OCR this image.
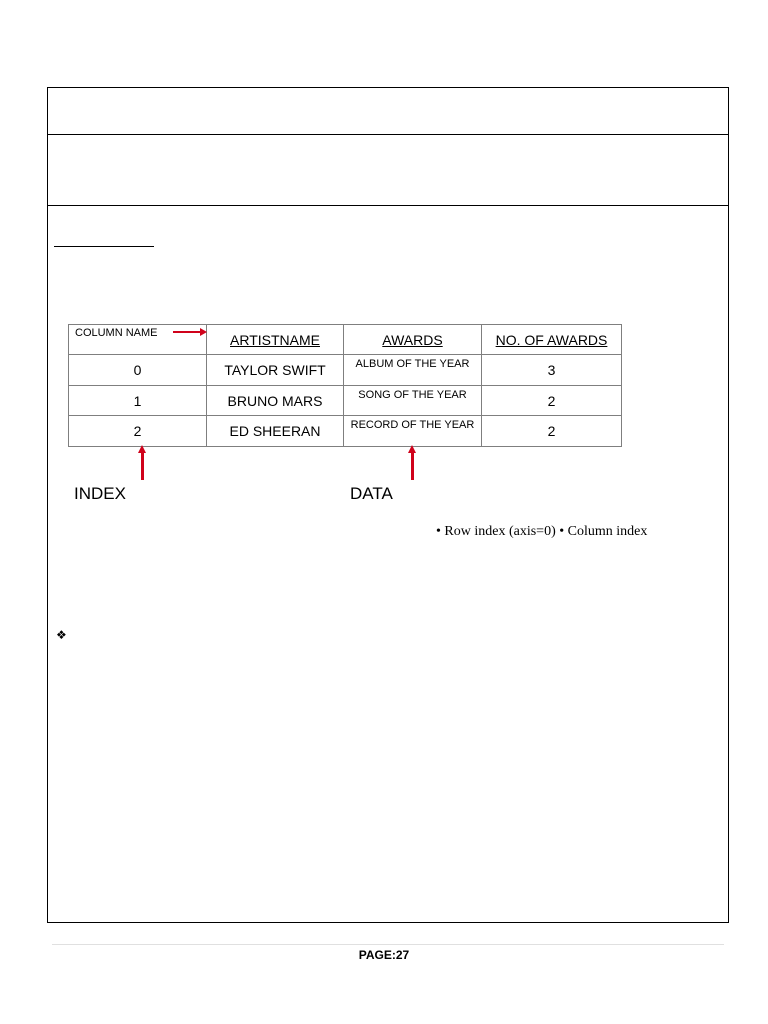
COLUMN NAME	ARTISTNAME	AWARDS	NO. OF AWARDS
0	TAYLOR SWIFT	ALBUM OF THE YEAR	3
1	BRUNO MARS	SONG OF THE YEAR	2
2	ED SHEERAN	RECORD OF THE YEAR	2
INDEX	DATA
• Row index (axis=0) • Column index
❖
PAGE:27
